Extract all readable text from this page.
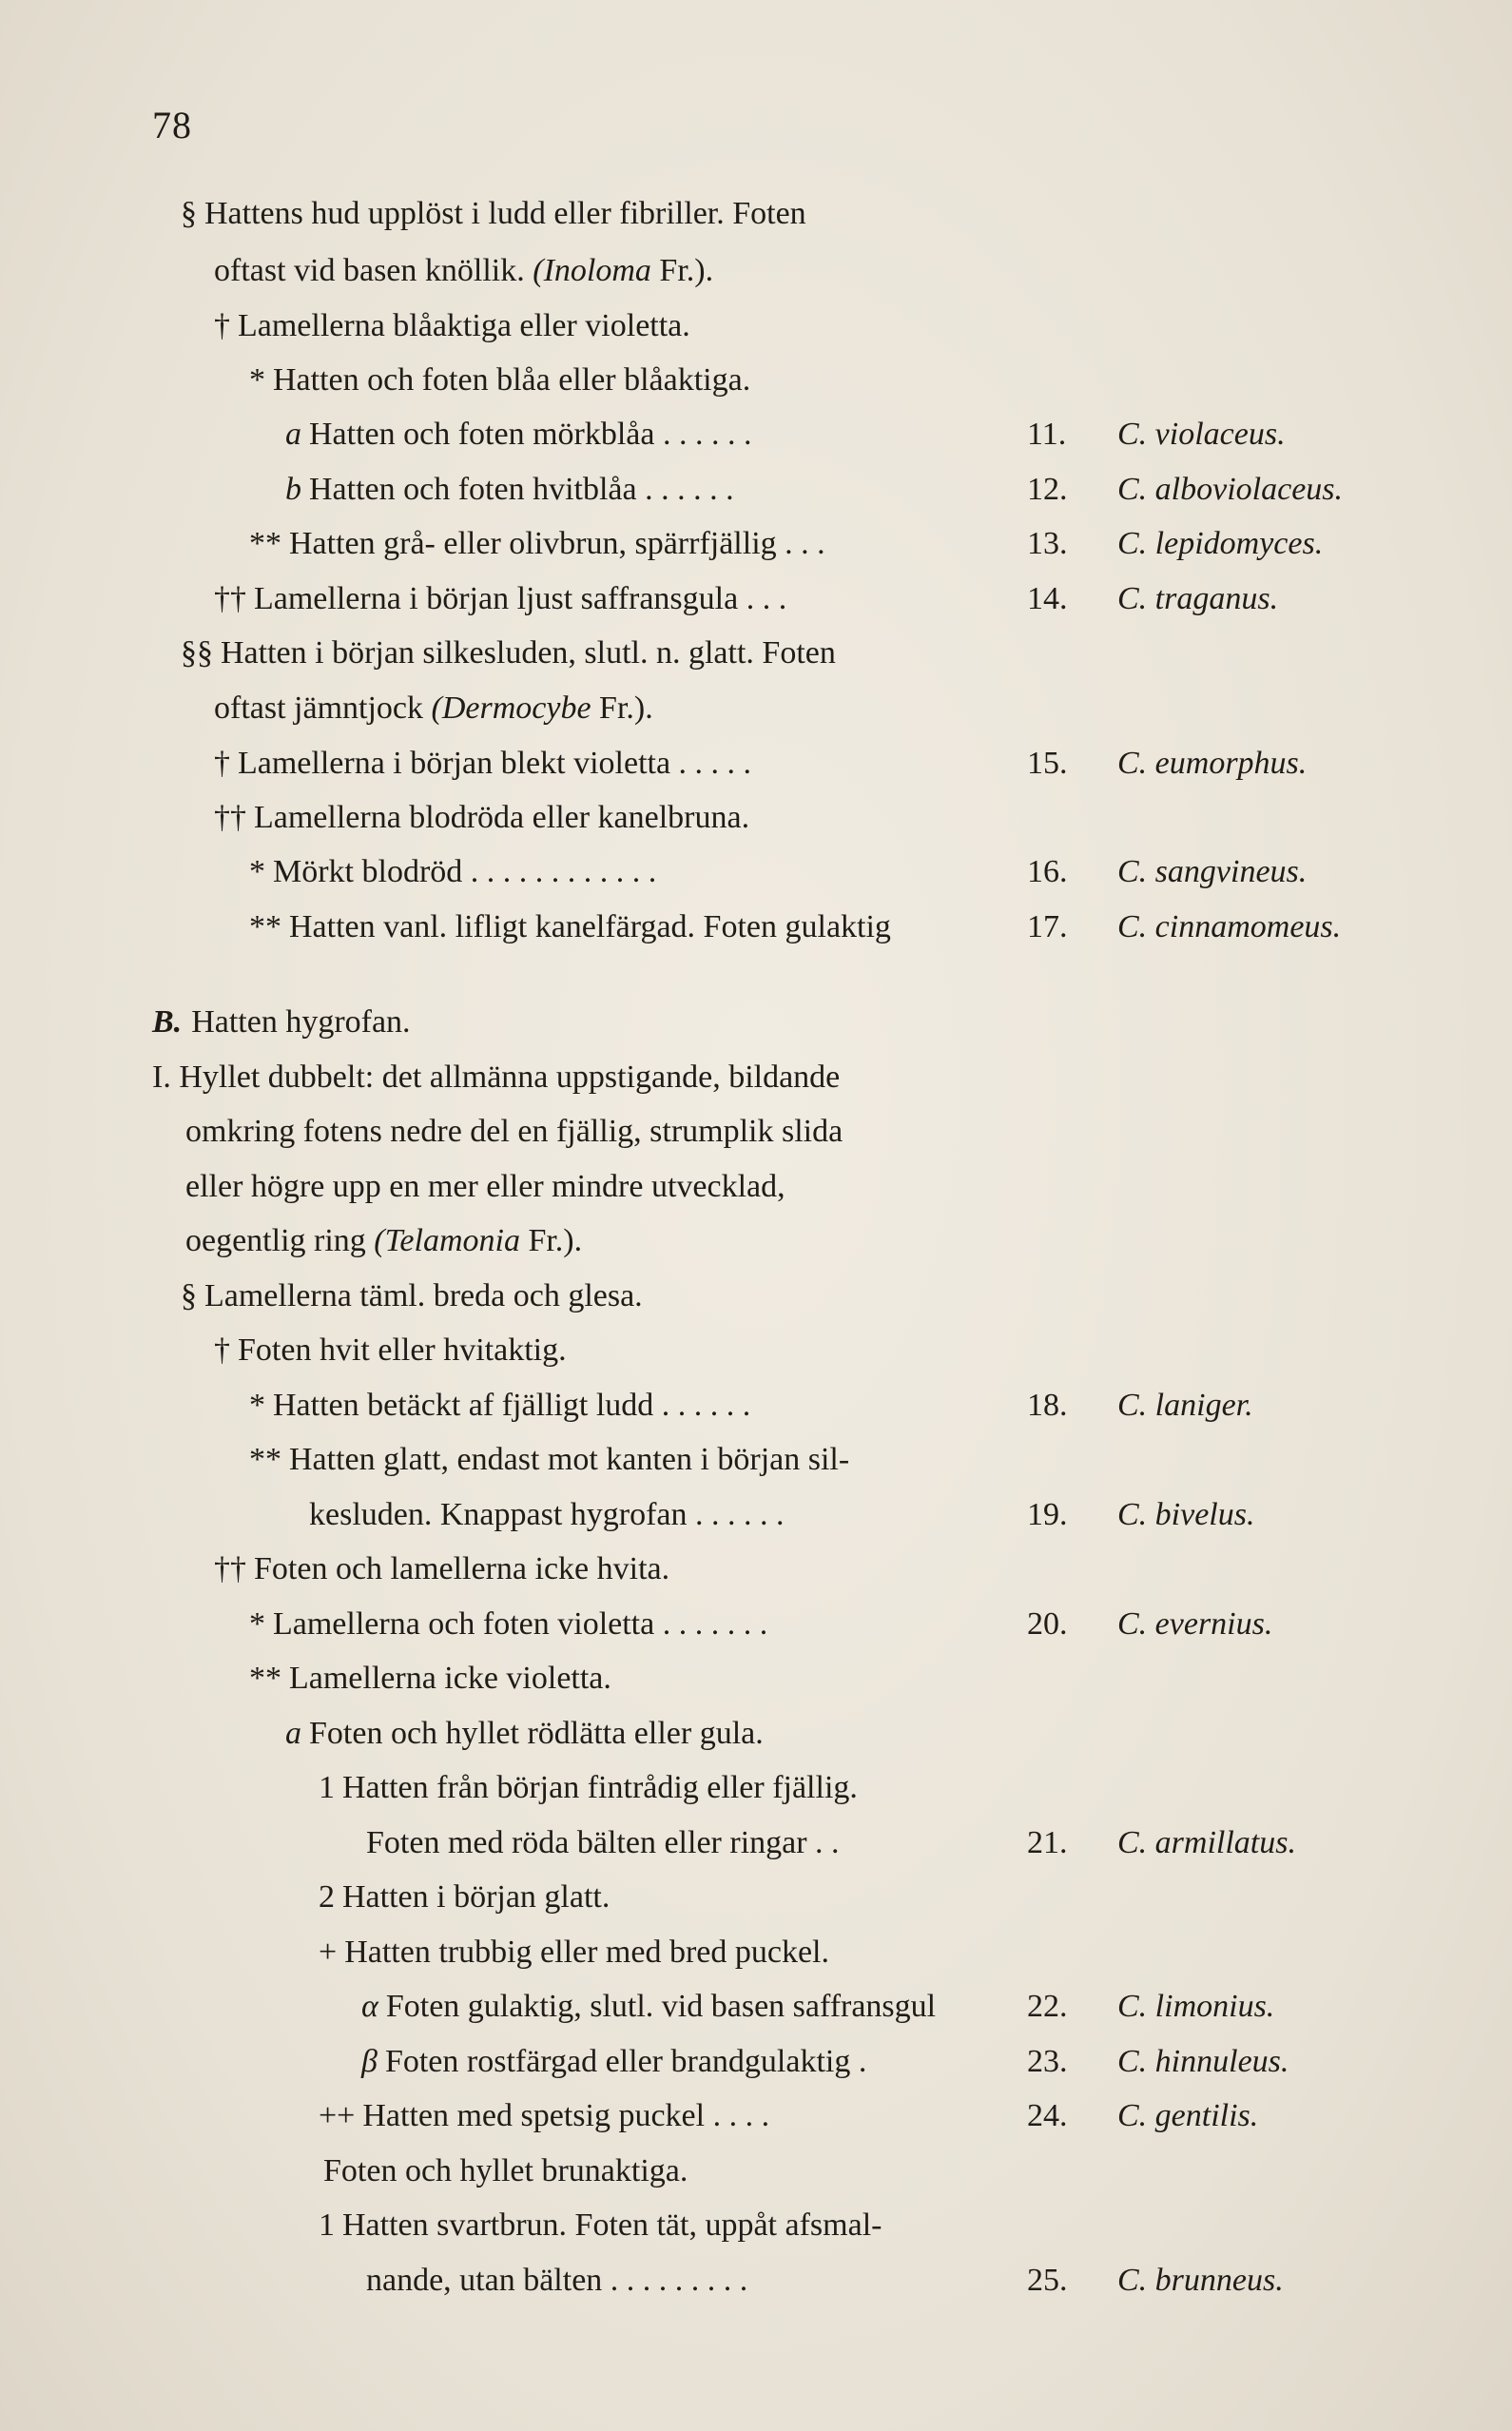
78
§ Hattens hud upplöst i ludd eller fibriller. Foten
oftast vid basen knöllik. (Inoloma Fr.).
† Lamellerna blåaktiga eller violetta.
* Hatten och foten blåa eller blåaktiga.
a Hatten och foten mörkblåa . . . . . .	11. C. violaceus.
b Hatten och foten hvitblåa . . . . . .	12. C. alboviolaceus.
** Hatten grå- eller olivbrun, spärrfjällig . . .	13. C. lepidomyces.
†† Lamellerna i början ljust saffransgula . . .	14. C. traganus.
§§ Hatten i början silkesluden, slutl. n. glatt. Foten
oftast jämntjock (Dermocybe Fr.).
† Lamellerna i början blekt violetta . . . . .	15. C. eumorphus.
†† Lamellerna blodröda eller kanelbruna.
* Mörkt blodröd . . . . . . . . . . . .	16. C. sangvineus.
** Hatten vanl. lifligt kanelfärgad. Foten gulaktig	17. C. cinnamomeus.
B. Hatten hygrofan.
I. Hyllet dubbelt: det allmänna uppstigande, bildande
omkring fotens nedre del en fjällig, strumplik slida
eller högre upp en mer eller mindre utvecklad,
oegentlig ring (Telamonia Fr.).
§ Lamellerna täml. breda och glesa.
† Foten hvit eller hvitaktig.
* Hatten betäckt af fjälligt ludd . . . . . .	18. C. laniger.
** Hatten glatt, endast mot kanten i början sil-
kesluden. Knappast hygrofan . . . . . .	19. C. bivelus.
†† Foten och lamellerna icke hvita.
* Lamellerna och foten violetta . . . . . . .	20. C. evernius.
** Lamellerna icke violetta.
a Foten och hyllet rödlätta eller gula.
1 Hatten från början fintrådig eller fjällig.
Foten med röda bälten eller ringar . .	21. C. armillatus.
2 Hatten i början glatt.
+ Hatten trubbig eller med bred puckel.
α Foten gulaktig, slutl. vid basen saffransgul	22. C. limonius.
β Foten rostfärgad eller brandgulaktig .	23. C. hinnuleus.
++ Hatten med spetsig puckel . . . .	24. C. gentilis.
Foten och hyllet brunaktiga.
1 Hatten svartbrun. Foten tät, uppåt afsmal-
nande, utan bälten . . . . . . . . .	25. C. brunneus.
